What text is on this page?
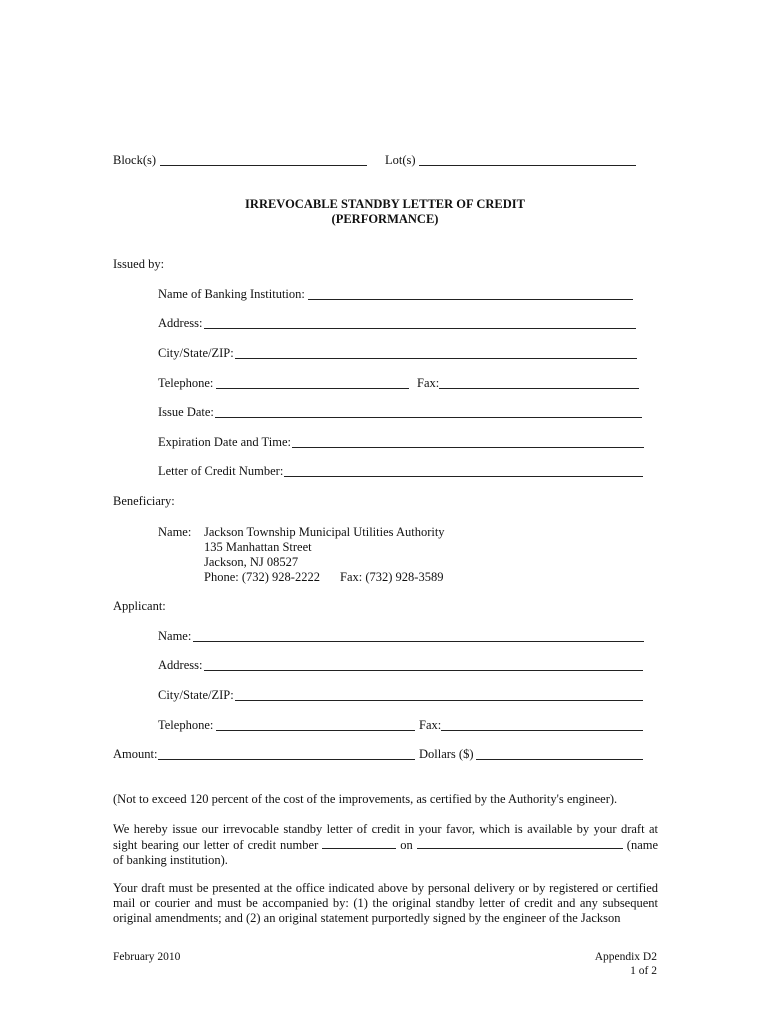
Block(s)	Lot(s)
IRREVOCABLE STANDBY LETTER OF CREDIT
(PERFORMANCE)
Issued by:
Name of Banking Institution:
Address:
City/State/ZIP:
Telephone:	Fax:
Issue Date:
Expiration Date and Time:
Letter of Credit Number:
Beneficiary:
Name: Jackson Township Municipal Utilities Authority
135 Manhattan Street
Jackson, NJ 08527
Phone: (732) 928-2222 Fax: (732) 928-3589
Applicant:
Name:
Address:
City/State/ZIP:
Telephone:	Fax:
Amount:	Dollars ($)
(Not to exceed 120 percent of the cost of the improvements, as certified by the Authority's engineer).
We hereby issue our irrevocable standby letter of credit in your favor, which is available by your draft at sight bearing our letter of credit number	on	(name of banking institution).
Your draft must be presented at the office indicated above by personal delivery or by registered or certified mail or courier and must be accompanied by: (1) the original standby letter of credit and any subsequent original amendments; and (2) an original statement purportedly signed by the engineer of the Jackson
February 2010	Appendix D2
1 of 2
